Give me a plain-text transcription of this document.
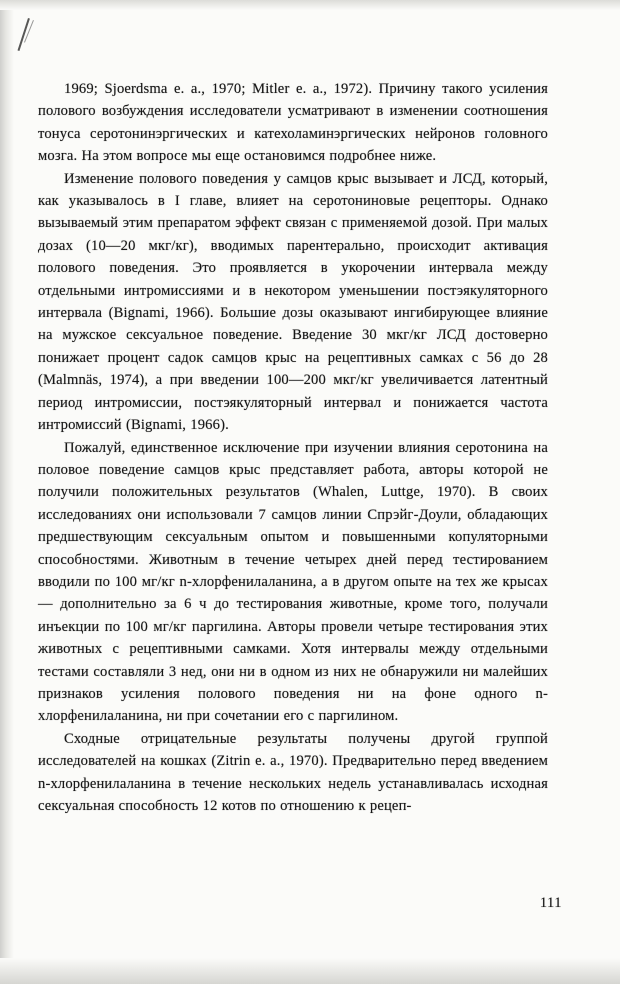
1969; Sjoerdsma e. a., 1970; Mitler e. a., 1972). Причину такого усиления полового возбуждения исследователи усматривают в изменении соотношения тонуса серотонинэргических и катехоламинэргических нейронов головного мозга. На этом вопросе мы еще остановимся подробнее ниже.

Изменение полового поведения у самцов крыс вызывает и ЛСД, который, как указывалось в I главе, влияет на серотониновые рецепторы. Однако вызываемый этим препаратом эффект связан с применяемой дозой. При малых дозах (10—20 мкг/кг), вводимых парентерально, происходит активация полового поведения. Это проявляется в укорочении интервала между отдельными интромиссиями и в некотором уменьшении постэякуляторного интервала (Bignami, 1966). Большие дозы оказывают ингибирующее влияние на мужское сексуальное поведение. Введение 30 мкг/кг ЛСД достоверно понижает процент садок самцов крыс на рецептивных самках с 56 до 28 (Malmnäs, 1974), а при введении 100—200 мкг/кг увеличивается латентный период интромиссии, постэякуляторный интервал и понижается частота интромиссий (Bignami, 1966).

Пожалуй, единственное исключение при изучении влияния серотонина на половое поведение самцов крыс представляет работа, авторы которой не получили положительных результатов (Whalen, Luttge, 1970). В своих исследованиях они использовали 7 самцов линии Спрэйг-Доули, обладающих предшествующим сексуальным опытом и повышенными копуляторными способностями. Животным в течение четырех дней перед тестированием вводили по 100 мг/кг n-хлорфенилаланина, а в другом опыте на тех же крысах — дополнительно за 6 ч до тестирования животные, кроме того, получали инъекции по 100 мг/кг паргилина. Авторы провели четыре тестирования этих животных с рецептивными самками. Хотя интервалы между отдельными тестами составляли 3 нед, они ни в одном из них не обнаружили ни малейших признаков усиления полового поведения ни на фоне одного n-хлорфенилаланина, ни при сочетании его с паргилином.

Сходные отрицательные результаты получены другой группой исследователей на кошках (Zitrin e. a., 1970). Предварительно перед введением n-хлорфенилаланина в течение нескольких недель устанавливалась исходная сексуальная способность 12 котов по отношению к рецеп-

111
